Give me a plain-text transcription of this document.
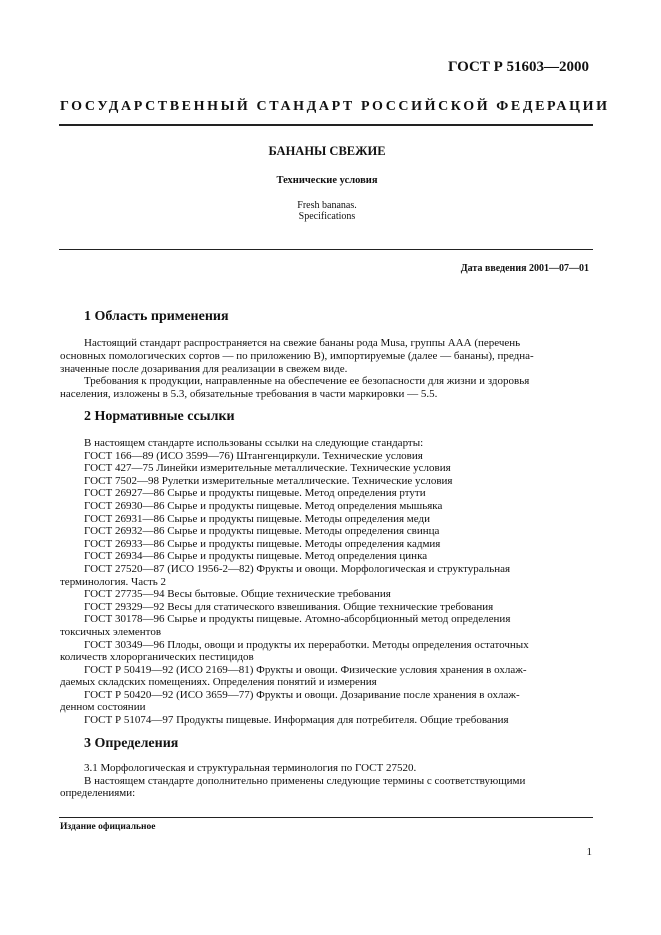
ГОСТ Р 51603—2000
ГОСУДАРСТВЕННЫЙ СТАНДАРТ РОССИЙСКОЙ ФЕДЕРАЦИИ
БАНАНЫ СВЕЖИЕ
Технические условия
Fresh bananas.
Specifications
Дата введения 2001—07—01
1 Область применения
Настоящий стандарт распространяется на свежие бананы рода Musa, группы ААА (перечень
основных помологических сортов — по приложению В), импортируемые (далее — бананы), предна-
значенные после дозаривания для реализации в свежем виде.
Требования к продукции, направленные на обеспечение ее безопасности для жизни и здоровья
населения, изложены в 5.3, обязательные требования в части маркировки — 5.5.
2 Нормативные ссылки
В настоящем стандарте использованы ссылки на следующие стандарты:
ГОСТ 166—89 (ИСО 3599—76) Штангенциркули. Технические условия
ГОСТ 427—75 Линейки измерительные металлические. Технические условия
ГОСТ 7502—98 Рулетки измерительные металлические. Технические условия
ГОСТ 26927—86 Сырье и продукты пищевые. Метод определения ртути
ГОСТ 26930—86 Сырье и продукты пищевые. Метод определения мышьяка
ГОСТ 26931—86 Сырье и продукты пищевые. Методы определения меди
ГОСТ 26932—86 Сырье и продукты пищевые. Методы определения свинца
ГОСТ 26933—86 Сырье и продукты пищевые. Методы определения кадмия
ГОСТ 26934—86 Сырье и продукты пищевые. Метод определения цинка
ГОСТ 27520—87 (ИСО 1956-2—82) Фрукты и овощи. Морфологическая и структуральная
терминология. Часть 2
ГОСТ 27735—94 Весы бытовые. Общие технические требования
ГОСТ 29329—92 Весы для статического взвешивания. Общие технические требования
ГОСТ 30178—96 Сырье и продукты пищевые. Атомно-абсорбционный метод определения
токсичных элементов
ГОСТ 30349—96 Плоды, овощи и продукты их переработки. Методы определения остаточных
количеств хлорорганических пестицидов
ГОСТ Р 50419—92 (ИСО 2169—81) Фрукты и овощи. Физические условия хранения в охлаж-
даемых складских помещениях. Определения понятий и измерения
ГОСТ Р 50420—92 (ИСО 3659—77) Фрукты и овощи. Дозаривание после хранения в охлаж-
денном состоянии
ГОСТ Р 51074—97 Продукты пищевые. Информация для потребителя. Общие требования
3 Определения
3.1 Морфологическая и структуральная терминология по ГОСТ 27520.
В настоящем стандарте дополнительно применены следующие термины с соответствующими
определениями:
Издание официальное
1
